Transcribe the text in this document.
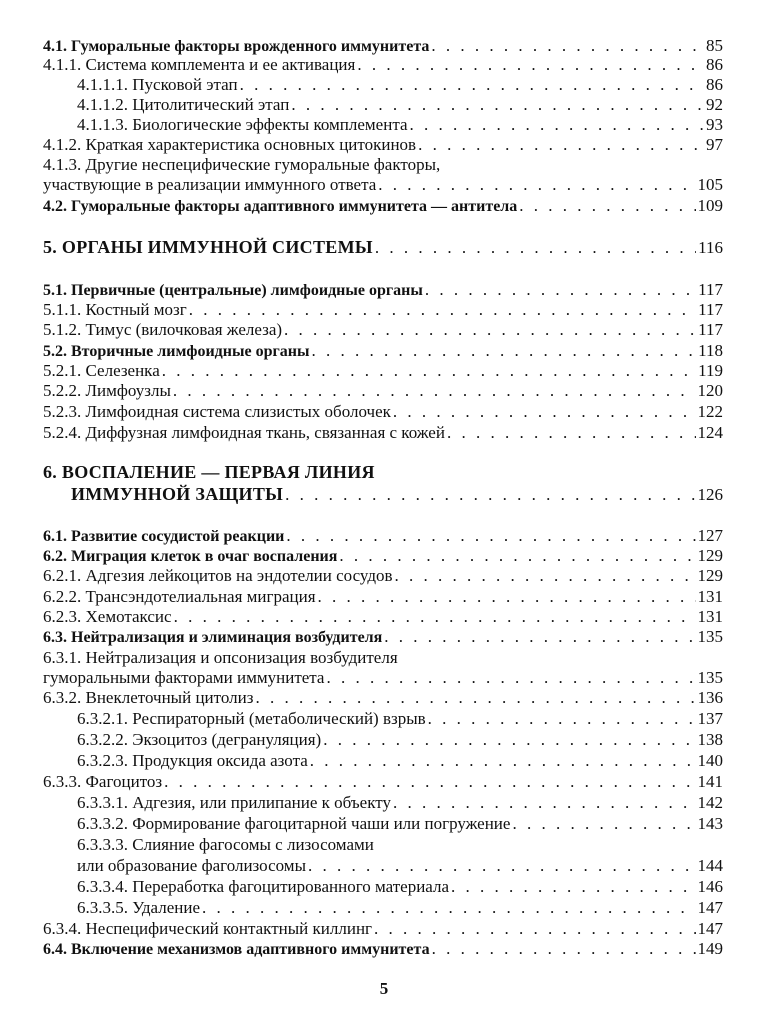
4.1. Гуморальные факторы врожденного иммунитета . . .	85
4.1.1. Система комплемента и ее активация . . .	86
4.1.1.1. Пусковой этап . . .	86
4.1.1.2. Цитолитический этап . . .	92
4.1.1.3. Биологические эффекты комплемента . . .	93
4.1.2. Краткая характеристика основных цитокинов . . .	97
4.1.3. Другие неспецифические гуморальные факторы,
участвующие в реализации иммунного ответа . . .	105
4.2. Гуморальные факторы адаптивного иммунитета — антитела . . .	109
5. ОРГАНЫ ИММУННОЙ СИСТЕМЫ . . .	116
5.1. Первичные (центральные) лимфоидные органы . . .	117
5.1.1. Костный мозг . . .	117
5.1.2. Тимус (вилочковая железа) . . .	117
5.2. Вторичные лимфоидные органы . . .	118
5.2.1. Селезенка . . .	119
5.2.2. Лимфоузлы . . .	120
5.2.3. Лимфоидная система слизистых оболочек . . .	122
5.2.4. Диффузная лимфоидная ткань, связанная с кожей . . .	124
6. ВОСПАЛЕНИЕ — ПЕРВАЯ ЛИНИЯ
ИММУННОЙ ЗАЩИТЫ . . .	126
6.1. Развитие сосудистой реакции . . .	127
6.2. Миграция клеток в очаг воспаления . . .	129
6.2.1. Адгезия лейкоцитов на эндотелии сосудов . . .	129
6.2.2. Трансэндотелиальная миграция . . .	131
6.2.3. Хемотаксис . . .	131
6.3. Нейтрализация и элиминация возбудителя . . .	135
6.3.1. Нейтрализация и опсонизация возбудителя
гуморальными факторами иммунитета . . .	135
6.3.2. Внеклеточный цитолиз . . .	136
6.3.2.1. Респираторный (метаболический) взрыв . . .	137
6.3.2.2. Экзоцитоз (дегрануляция) . . .	138
6.3.2.3. Продукция оксида азота . . .	140
6.3.3. Фагоцитоз . . .	141
6.3.3.1. Адгезия, или прилипание к объекту . . .	142
6.3.3.2. Формирование фагоцитарной чаши или погружение . . .	143
6.3.3.3. Слияние фагосомы с лизосомами
или образование фаголизосомы . . .	144
6.3.3.4. Переработка фагоцитированного материала . . .	146
6.3.3.5. Удаление . . .	147
6.3.4. Неспецифический контактный киллинг . . .	147
6.4. Включение механизмов адаптивного иммунитета . . .	149
5
